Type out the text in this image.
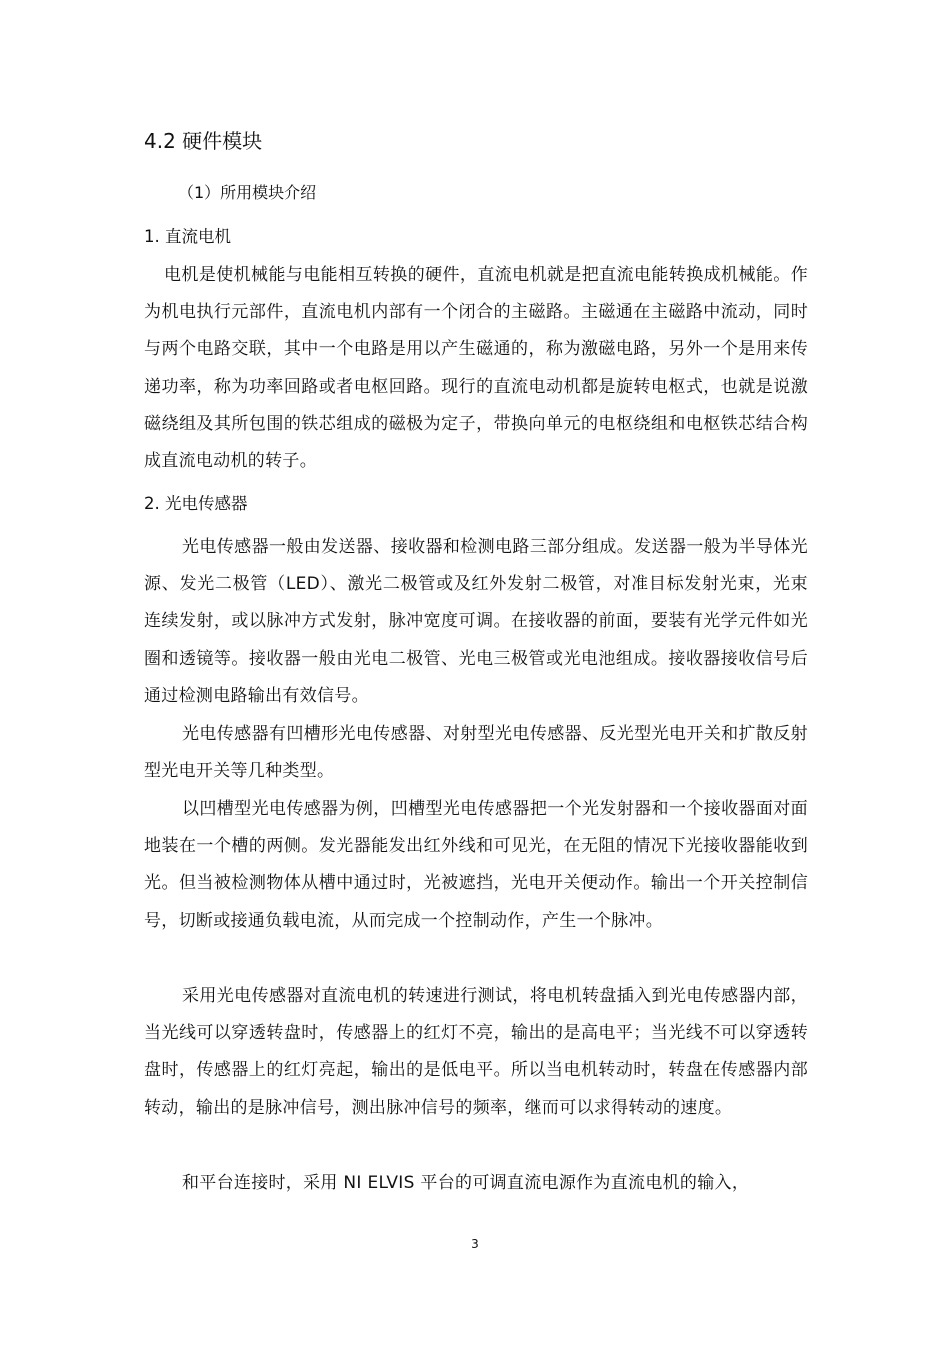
4.2 硬件模块
（1）所用模块介绍
1. 直流电机

电机是使机械能与电能相互转换的硬件，直流电机就是把直流电能转换成机械能。作为机电执行元部件，直流电机内部有一个闭合的主磁路。主磁通在主磁路中流动，同时与两个电路交联，其中一个电路是用以产生磁通的，称为激磁电路，另外一个是用来传递功率，称为功率回路或者电枢回路。现行的直流电动机都是旋转电枢式，也就是说激磁绕组及其所包围的铁芯组成的磁极为定子，带换向单元的电枢绕组和电枢铁芯结合构成直流电动机的转子。

2. 光电传感器

光电传感器一般由发送器、接收器和检测电路三部分组成。发送器一般为半导体光源、发光二极管（LED）、激光二极管或及红外发射二极管，对准目标发射光束，光束连续发射，或以脉冲方式发射，脉冲宽度可调。在接收器的前面，要装有光学元件如光圈和透镜等。接收器一般由光电二极管、光电三极管或光电池组成。接收器接收信号后通过检测电路输出有效信号。

光电传感器有凹槽形光电传感器、对射型光电传感器、反光型光电开关和扩散反射型光电开关等几种类型。

以凹槽型光电传感器为例，凹槽型光电传感器把一个光发射器和一个接收器面对面地装在一个槽的两侧。发光器能发出红外线和可见光，在无阻的情况下光接收器能收到光。但当被检测物体从槽中通过时，光被遮挡，光电开关便动作。输出一个开关控制信号，切断或接通负载电流，从而完成一个控制动作，产生一个脉冲。

采用光电传感器对直流电机的转速进行测试，将电机转盘插入到光电传感器内部，当光线可以穿透转盘时，传感器上的红灯不亮，输出的是高电平；当光线不可以穿透转盘时，传感器上的红灯亮起，输出的是低电平。所以当电机转动时，转盘在传感器内部转动，输出的是脉冲信号，测出脉冲信号的频率，继而可以求得转动的速度。

和平台连接时，采用 NI ELVIS 平台的可调直流电源作为直流电机的输入，

3
